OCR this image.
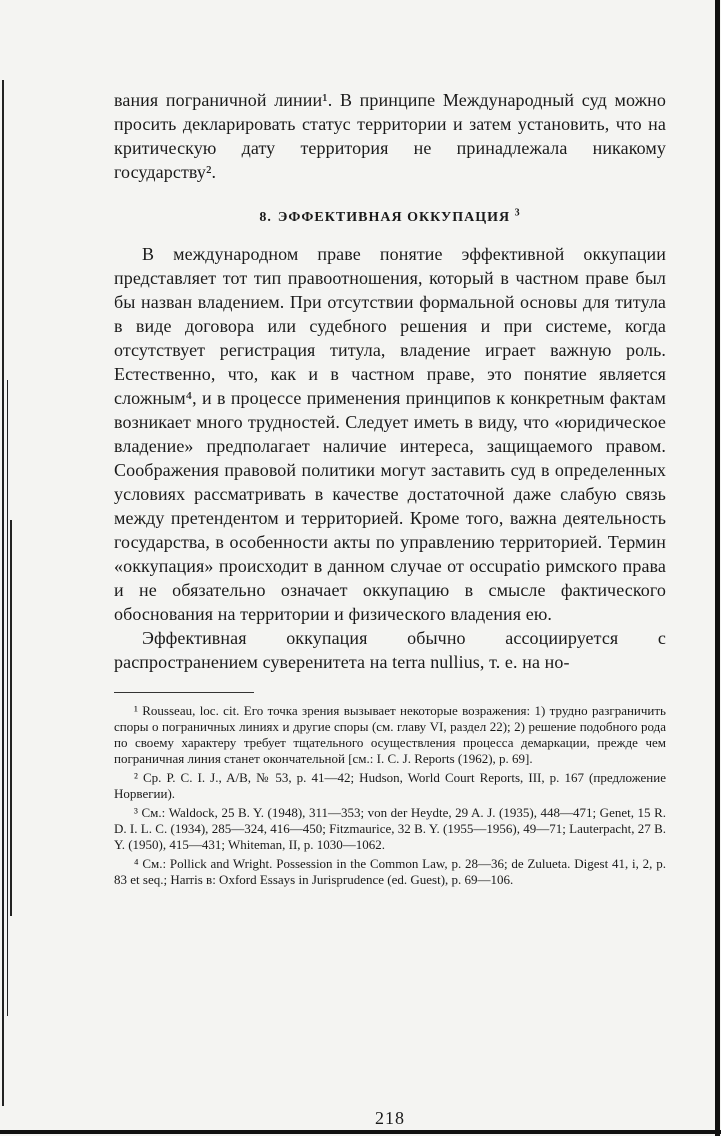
вания пограничной линии¹. В принципе Международный суд можно просить декларировать статус территории и затем установить, что на критическую дату территория не принадлежала никакому государству².

8. ЭФФЕКТИВНАЯ ОККУПАЦИЯ $^3$

В международном праве понятие эффективной оккупации представляет тот тип правоотношения, который в частном праве был бы назван владением. При отсутствии формальной основы для титула в виде договора или судебного решения и при системе, когда отсутствует регистрация титула, владение играет важную роль. Естественно, что, как и в частном праве, это понятие является сложным⁴, и в процессе применения принципов к конкретным фактам возникает много трудностей. Следует иметь в виду, что «юридическое владение» предполагает наличие интереса, защищаемого правом. Соображения правовой политики могут заставить суд в определенных условиях рассматривать в качестве достаточной даже слабую связь между претендентом и территорией. Кроме того, важна деятельность государства, в особенности акты по управлению территорией. Термин «оккупация» происходит в данном случае от occupatio римского права и не обязательно означает оккупацию в смысле фактического обоснования на территории и физического владения ею.

Эффективная оккупация обычно ассоциируется с распространением суверенитета на terra nullius, т. е. на но-

¹ Rousseau, loc. cit. Его точка зрения вызывает некоторые возражения: 1) трудно разграничить споры о пограничных линиях и другие споры (см. главу VI, раздел 22); 2) решение подобного рода по своему характеру требует тщательного осуществления процесса демаркации, прежде чем пограничная линия станет окончательной [см.: I. C. J. Reports (1962), p. 69].

² Ср. P. C. I. J., A/B, № 53, p. 41—42; Hudson, World Court Reports, III, p. 167 (предложение Норвегии).

³ См.: Waldock, 25 B. Y. (1948), 311—353; von der Heydte, 29 A. J. (1935), 448—471; Genet, 15 R. D. I. L. C. (1934), 285—324, 416—450; Fitzmaurice, 32 B. Y. (1955—1956), 49—71; Lauterpacht, 27 B. Y. (1950), 415—431; Whiteman, II, p. 1030—1062.

⁴ См.: Pollick and Wright. Possession in the Common Law, p. 28—36; de Zulueta. Digest 41, i, 2, p. 83 et seq.; Harris в: Oxford Essays in Jurisprudence (ed. Guest), p. 69—106.

218
